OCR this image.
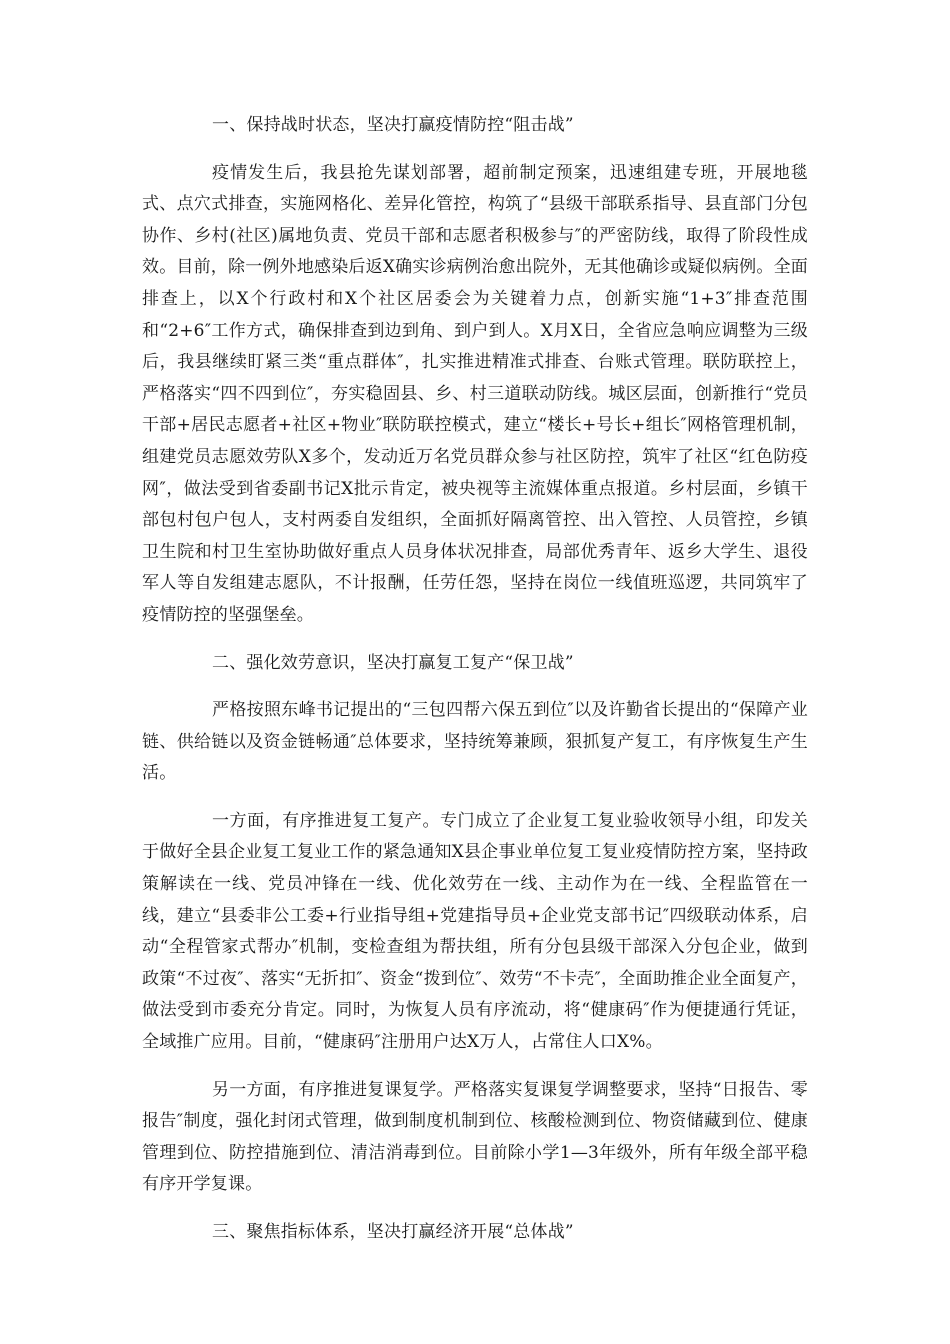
一、保持战时状态，坚决打赢疫情防控“阻击战”

疫情发生后，我县抢先谋划部署，超前制定预案，迅速组建专班，开展地毯式、点穴式排查，实施网格化、差异化管控，构筑了“县级干部联系指导、县直部门分包协作、乡村(社区)属地负责、党员干部和志愿者积极参与″的严密防线，取得了阶段性成效。目前，除一例外地感染后返X确实诊病例治愈出院外，无其他确诊或疑似病例。全面排查上，以X个行政村和X个社区居委会为关键着力点，创新实施“1+3″排查范围和“2+6″工作方式，确保排查到边到角、到户到人。X月X日，全省应急响应调整为三级后，我县继续盯紧三类“重点群体″，扎实推进精准式排查、台账式管理。联防联控上，严格落实“四不四到位″，夯实稳固县、乡、村三道联动防线。城区层面，创新推行“党员干部+居民志愿者+社区+物业″联防联控模式，建立“楼长+号长+组长″网格管理机制，组建党员志愿效劳队X多个，发动近万名党员群众参与社区防控，筑牢了社区“红色防疫网″，做法受到省委副书记X批示肯定，被央视等主流媒体重点报道。乡村层面，乡镇干部包村包户包人，支村两委自发组织，全面抓好隔离管控、出入管控、人员管控，乡镇卫生院和村卫生室协助做好重点人员身体状况排查，局部优秀青年、返乡大学生、退役军人等自发组建志愿队，不计报酬，任劳任怨，坚持在岗位一线值班巡逻，共同筑牢了疫情防控的坚强堡垒。

二、强化效劳意识，坚决打赢复工复产“保卫战”

严格按照东峰书记提出的“三包四帮六保五到位″以及许勤省长提出的“保障产业链、供给链以及资金链畅通″总体要求，坚持统筹兼顾，狠抓复产复工，有序恢复生产生活。

一方面，有序推进复工复产。专门成立了企业复工复业验收领导小组，印发关于做好全县企业复工复业工作的紧急通知X县企事业单位复工复业疫情防控方案，坚持政策解读在一线、党员冲锋在一线、优化效劳在一线、主动作为在一线、全程监管在一线，建立“县委非公工委+行业指导组+党建指导员+企业党支部书记″四级联动体系，启动“全程管家式帮办″机制，变检查组为帮扶组，所有分包县级干部深入分包企业，做到政策“不过夜″、落实“无折扣″、资金“拨到位″、效劳“不卡壳″，全面助推企业全面复产，做法受到市委充分肯定。同时，为恢复人员有序流动，将“健康码″作为便捷通行凭证，全域推广应用。目前，“健康码″注册用户达X万人，占常住人口X%。

另一方面，有序推进复课复学。严格落实复课复学调整要求，坚持“日报告、零报告″制度，强化封闭式管理，做到制度机制到位、核酸检测到位、物资储藏到位、健康管理到位、防控措施到位、清洁消毒到位。目前除小学1—3年级外，所有年级全部平稳有序开学复课。

三、聚焦指标体系，坚决打赢经济开展“总体战”
